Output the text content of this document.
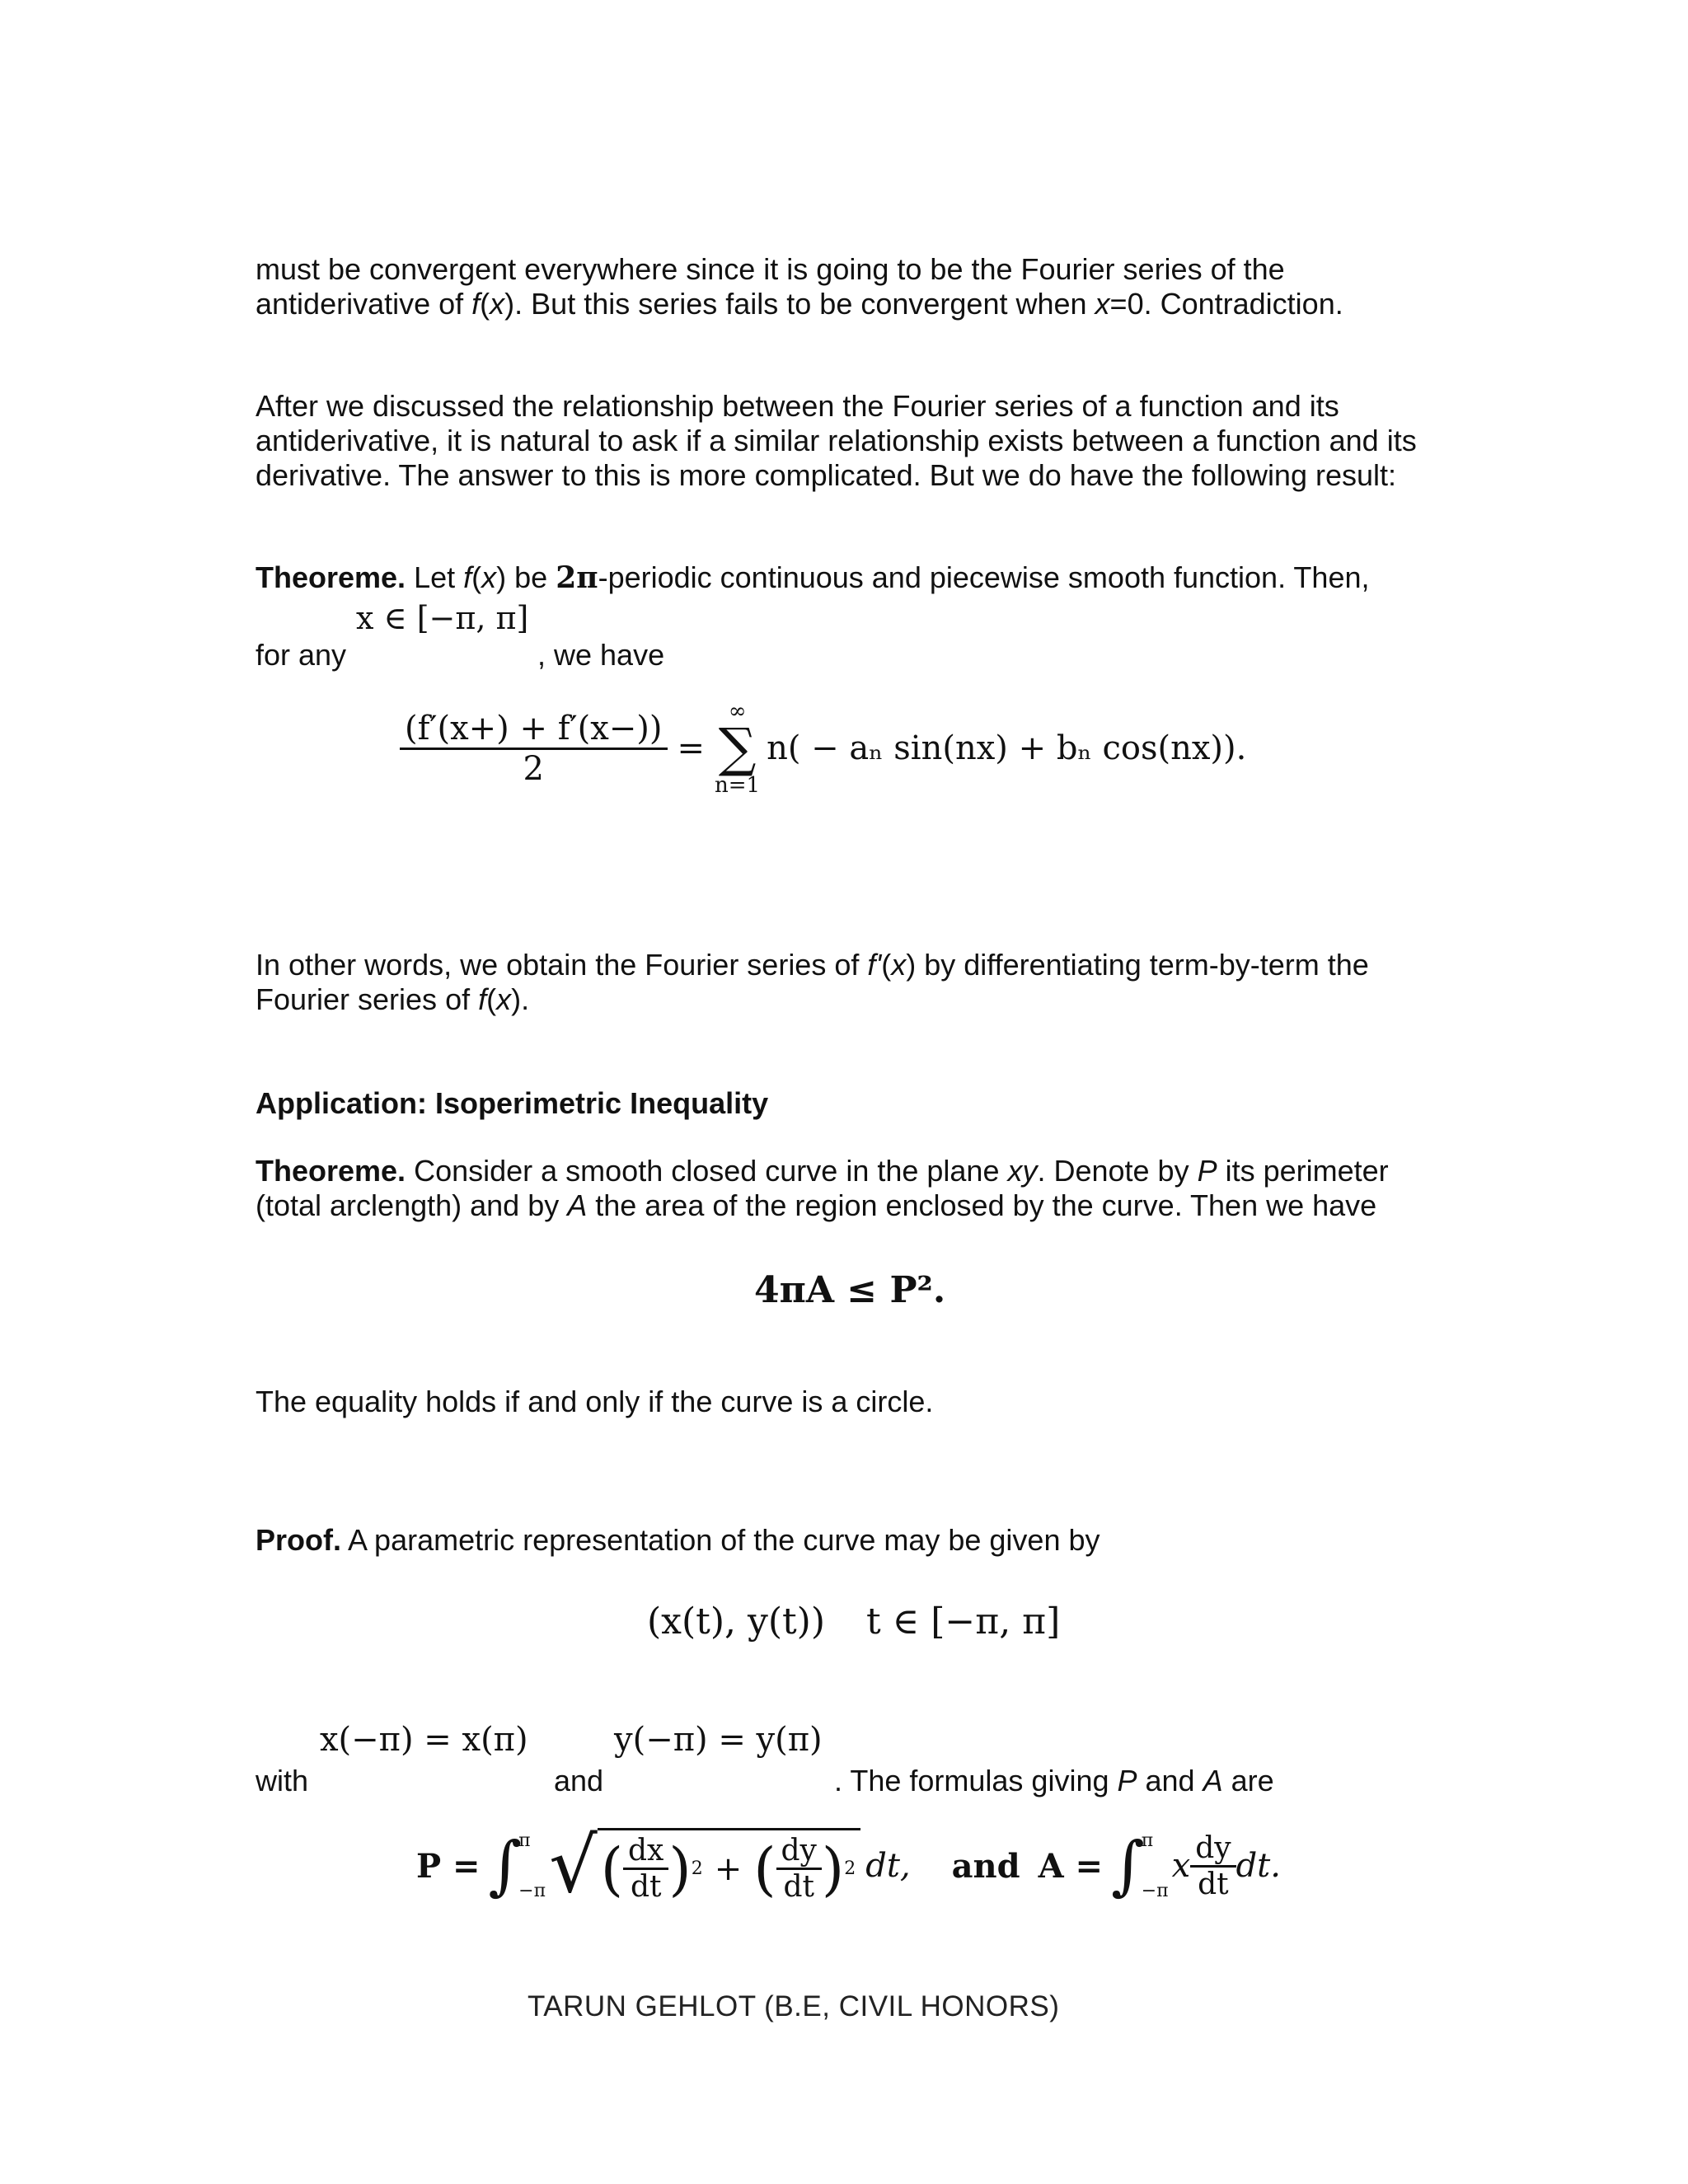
must be convergent everywhere since it is going to be the Fourier series of the
antiderivative of f(x). But this series fails to be convergent when x=0. Contradiction.

After we discussed the relationship between the Fourier series of a function and its antiderivative, it is natural to ask if a similar relationship exists between a function and its derivative. The answer to this is more complicated. But we do have the following result:

Theoreme. Let f(x) be 2π-periodic continuous and piecewise smooth function. Then,

x ∈ [−π, π]
for any	, we have
$\frac{(f'(x+) + f'(x-))}{2}$ =
∞
∑
n=1
n( − aₙ sin(nx) + bₙ cos(nx)).

In other words, we obtain the Fourier series of f'(x) by differentiating term-by-term the
Fourier series of f(x).

Application: Isoperimetric Inequality

Theoreme. Consider a smooth closed curve in the plane xy. Denote by P its perimeter
(total arclength) and by A the area of the region enclosed by the curve. Then we have

4πA ≤ P².

The equality holds if and only if the curve is a circle.

Proof. A parametric representation of the curve may be given by

(x(t), y(t)) t ∈ [−π, π]
x(−π) = x(π)	y(−π) = y(π)
with	and	. The formulas giving P and A are
P = ∫
π
−π √ ( $\frac{dx}{dt}$ ) 2 + ( $\frac{dy}{dt}$ ) 2 dt, and A = ∫
π
−π
x $\frac{dy}{dt}$ dt.
TARUN GEHLOT (B.E, CIVIL HONORS)
